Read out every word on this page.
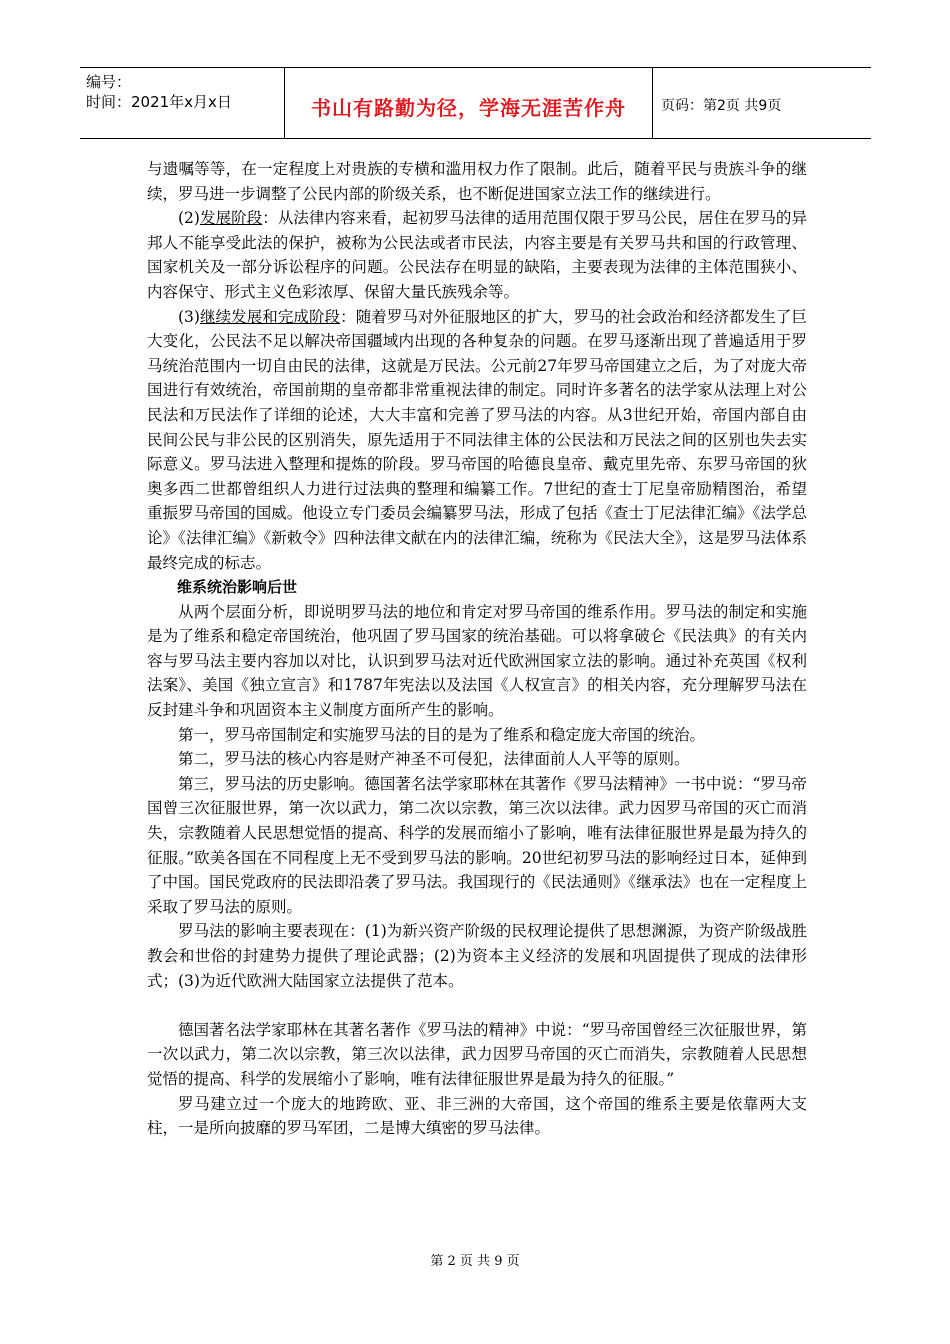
编号：
时间：2021年x月x日	书山有路勤为径，学海无涯苦作舟	页码：第2页 共9页

与遗嘱等等，在一定程度上对贵族的专横和滥用权力作了限制。此后，随着平民与贵族斗争的继续，罗马进一步调整了公民内部的阶级关系，也不断促进国家立法工作的继续进行。

(2)发展阶段：从法律内容来看，起初罗马法律的适用范围仅限于罗马公民，居住在罗马的异邦人不能享受此法的保护，被称为公民法或者市民法，内容主要是有关罗马共和国的行政管理、国家机关及一部分诉讼程序的问题。公民法存在明显的缺陷，主要表现为法律的主体范围狭小、内容保守、形式主义色彩浓厚、保留大量氏族残余等。

(3)继续发展和完成阶段：随着罗马对外征服地区的扩大，罗马的社会政治和经济都发生了巨大变化，公民法不足以解决帝国疆域内出现的各种复杂的问题。在罗马逐渐出现了普遍适用于罗马统治范围内一切自由民的法律，这就是万民法。公元前27年罗马帝国建立之后，为了对庞大帝国进行有效统治，帝国前期的皇帝都非常重视法律的制定。同时许多著名的法学家从法理上对公民法和万民法作了详细的论述，大大丰富和完善了罗马法的内容。从3世纪开始，帝国内部自由民间公民与非公民的区别消失，原先适用于不同法律主体的公民法和万民法之间的区别也失去实际意义。罗马法进入整理和提炼的阶段。罗马帝国的哈德良皇帝、戴克里先帝、东罗马帝国的狄奥多西二世都曾组织人力进行过法典的整理和编纂工作。7世纪的查士丁尼皇帝励精图治，希望重振罗马帝国的国威。他设立专门委员会编纂罗马法，形成了包括《查士丁尼法律汇编》《法学总论》《法律汇编》《新敕令》四种法律文献在内的法律汇编，统称为《民法大全》，这是罗马法体系最终完成的标志。

维系统治影响后世

从两个层面分析，即说明罗马法的地位和肯定对罗马帝国的维系作用。罗马法的制定和实施是为了维系和稳定帝国统治，他巩固了罗马国家的统治基础。可以将拿破仑《民法典》的有关内容与罗马法主要内容加以对比，认识到罗马法对近代欧洲国家立法的影响。通过补充英国《权利法案》、美国《独立宣言》和1787年宪法以及法国《人权宣言》的相关内容，充分理解罗马法在反封建斗争和巩固资本主义制度方面所产生的影响。

第一，罗马帝国制定和实施罗马法的目的是为了维系和稳定庞大帝国的统治。

第二，罗马法的核心内容是财产神圣不可侵犯，法律面前人人平等的原则。

第三，罗马法的历史影响。德国著名法学家耶林在其著作《罗马法精神》一书中说：“罗马帝国曾三次征服世界，第一次以武力，第二次以宗教，第三次以法律。武力因罗马帝国的灭亡而消失，宗教随着人民思想觉悟的提高、科学的发展而缩小了影响，唯有法律征服世界是最为持久的征服。”欧美各国在不同程度上无不受到罗马法的影响。20世纪初罗马法的影响经过日本，延伸到了中国。国民党政府的民法即沿袭了罗马法。我国现行的《民法通则》《继承法》也在一定程度上采取了罗马法的原则。

罗马法的影响主要表现在：(1)为新兴资产阶级的民权理论提供了思想渊源，为资产阶级战胜教会和世俗的封建势力提供了理论武器；(2)为资本主义经济的发展和巩固提供了现成的法律形式；(3)为近代欧洲大陆国家立法提供了范本。

德国著名法学家耶林在其著名著作《罗马法的精神》中说：“罗马帝国曾经三次征服世界，第一次以武力，第二次以宗教，第三次以法律，武力因罗马帝国的灭亡而消失，宗教随着人民思想觉悟的提高、科学的发展缩小了影响，唯有法律征服世界是最为持久的征服。”

罗马建立过一个庞大的地跨欧、亚、非三洲的大帝国，这个帝国的维系主要是依靠两大支柱，一是所向披靡的罗马军团，二是博大缜密的罗马法律。

第 2 页 共 9 页
